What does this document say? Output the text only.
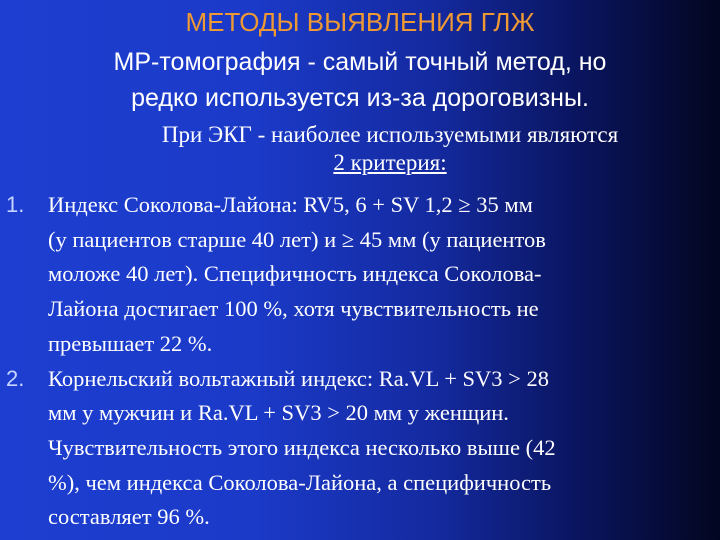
МЕТОДЫ ВЫЯВЛЕНИЯ ГЛЖ
МР-томография - самый точный метод, но
редко используется из-за дороговизны.
При ЭКГ - наиболее используемыми являются
2 критерия:
1. Индекс Соколова-Лайона: RV5, 6 + SV 1,2 ≥ 35 мм
(у пациентов старше 40 лет) и ≥ 45 мм (у пациентов
моложе 40 лет). Специфичность индекса Соколова-
Лайона достигает 100 %, хотя чувствительность не
превышает 22 %.
2. Корнельский вольтажный индекс: Ra.VL + SV3 > 28
мм у мужчин и Ra.VL + SV3 > 20 мм у женщин.
Чувствительность этого индекса несколько выше (42
%), чем индекса Соколова-Лайона, а специфичность
составляет 96 %.
